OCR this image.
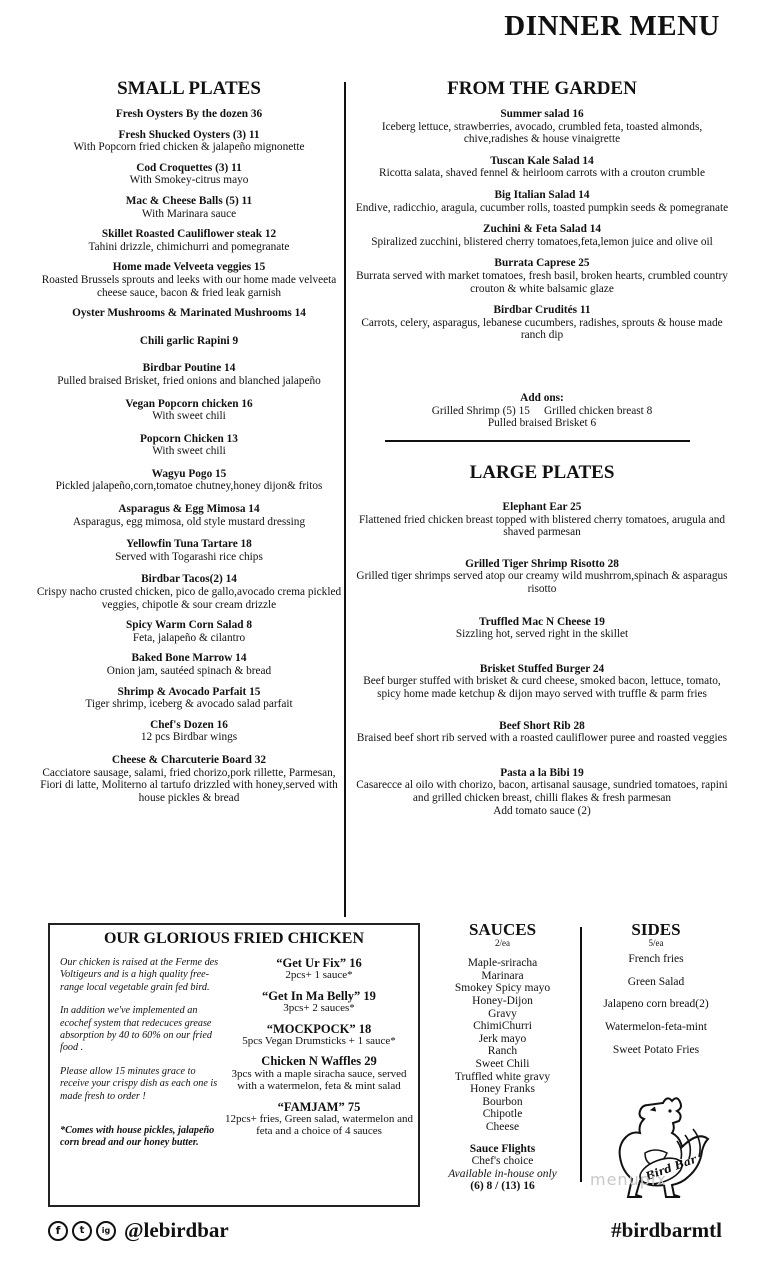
DINNER MENU
SMALL PLATES
Fresh Oysters By the dozen 36
Fresh Shucked Oysters (3) 11
With Popcorn fried chicken & jalapeño mignonette
Cod Croquettes (3) 11
With Smokey-citrus mayo
Mac & Cheese Balls (5) 11
With Marinara sauce
Skillet Roasted Cauliflower steak 12
Tahini drizzle, chimichurri and pomegranate
Home made Velveeta veggies 15
Roasted Brussels sprouts and leeks with our home made velveeta cheese sauce, bacon & fried leak garnish
Oyster Mushrooms & Marinated Mushrooms 14
Chili garlic Rapini 9
Birdbar Poutine 14
Pulled braised Brisket, fried onions and blanched jalapeño
Vegan Popcorn chicken 16
With sweet chili
Popcorn Chicken 13
With sweet chili
Wagyu Pogo 15
Pickled jalapeño,corn,tomatoe chutney,honey dijon& fritos
Asparagus & Egg Mimosa 14
Asparagus, egg mimosa, old style mustard dressing
Yellowfin Tuna Tartare 18
Served with Togarashi rice chips
Birdbar Tacos(2) 14
Crispy nacho crusted chicken, pico de gallo,avocado crema pickled veggies, chipotle & sour cream drizzle
Spicy Warm Corn Salad 8
Feta, jalapeño & cilantro
Baked Bone Marrow 14
Onion jam, sautéed spinach & bread
Shrimp & Avocado Parfait 15
Tiger shrimp, iceberg & avocado salad parfait
Chef's Dozen 16
12 pcs Birdbar wings
Cheese & Charcuterie Board 32
Cacciatore sausage, salami, fried chorizo,pork rillette, Parmesan, Fiori di latte, Moliterno al tartufo drizzled with honey,served with house pickles & bread
FROM THE GARDEN
Summer salad 16
Iceberg lettuce, strawberries, avocado, crumbled feta, toasted almonds, chive,radishes & house vinaigrette
Tuscan Kale Salad 14
Ricotta salata, shaved fennel & heirloom carrots with a crouton crumble
Big Italian Salad 14
Endive, radicchio, aragula, cucumber rolls, toasted pumpkin seeds & pomegranate
Zuchini & Feta Salad 14
Spiralized zucchini, blistered cherry tomatoes,feta,lemon juice and olive oil
Burrata Caprese 25
Burrata served with market tomatoes, fresh basil, broken hearts, crumbled country crouton & white balsamic glaze
Birdbar Crudités 11
Carrots, celery, asparagus, lebanese cucumbers, radishes, sprouts & house made ranch dip
Add ons:
Grilled Shrimp (5) 15 Grilled chicken breast 8
Pulled braised Brisket 6
LARGE PLATES
Elephant Ear 25
Flattened fried chicken breast topped with blistered cherry tomatoes, arugula and shaved parmesan
Grilled Tiger Shrimp Risotto 28
Grilled tiger shrimps served atop our creamy wild mushrrom,spinach & asparagus risotto
Truffled Mac N Cheese 19
Sizzling hot, served right in the skillet
Brisket Stuffed Burger 24
Beef burger stuffed with brisket & curd cheese, smoked bacon, lettuce, tomato, spicy home made ketchup & dijon mayo served with truffle & parm fries
Beef Short Rib 28
Braised beef short rib served with a roasted cauliflower puree and roasted veggies
Pasta a la Bibi 19
Casarecce al oilo with chorizo, bacon, artisanal sausage, sundried tomatoes, rapini and grilled chicken breast, chilli flakes & fresh parmesan
Add tomato sauce (2)
OUR GLORIOUS FRIED CHICKEN

Our chicken is raised at the Ferme des Voltigeurs and is a high quality free-range local vegetable grain fed bird.

In addition we've implemented an ecochef system that redecuces grease absorption by 40 to 60% on our fried food .

Please allow 15 minutes grace to receive your crispy dish as each one is made fresh to order !

*Comes with house pickles, jalapeño corn bread and our honey butter.

“Get Ur Fix” 16
2pcs+ 1 sauce*
“Get In Ma Belly” 19
3pcs+ 2 sauces*
“MOCKPOCK” 18
5pcs Vegan Drumsticks + 1 sauce*
Chicken N Waffles 29
3pcs with a maple siracha sauce, served with a watermelon, feta & mint salad
“FAMJAM” 75
12pcs+ fries, Green salad, watermelon and feta and a choice of 4 sauces
SAUCES
2/ea
Maple-sriracha
Marinara
Smokey Spicy mayo
Honey-Dijon
Gravy
ChimiChurri
Jerk mayo
Ranch
Sweet Chili
Truffled white gravy
Honey Franks
Bourbon
Chipotle
Cheese
Sauce Flights
Chef's choice
Available in-house only
(6) 8 / (13) 16
SIDES
5/ea
French fries
Green Salad
Jalapeno corn bread(2)
Watermelon-feta-mint
Sweet Potato Fries
Bird Bar
menupix
f	t	ig @lebirdbar	#birdbarmtl
